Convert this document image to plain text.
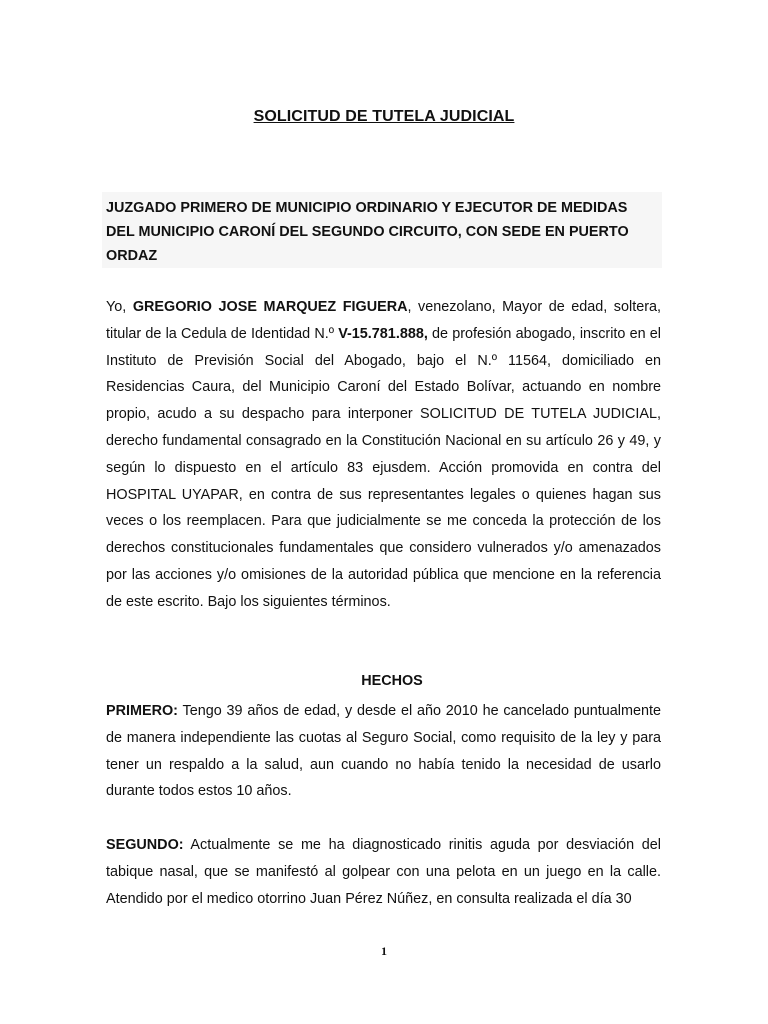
SOLICITUD DE TUTELA JUDICIAL
JUZGADO PRIMERO DE MUNICIPIO ORDINARIO Y EJECUTOR DE MEDIDAS DEL MUNICIPIO CARONÍ DEL SEGUNDO CIRCUITO, CON SEDE EN PUERTO ORDAZ
Yo, GREGORIO JOSE MARQUEZ FIGUERA, venezolano, Mayor de edad, soltera, titular de la Cedula de Identidad N.º V-15.781.888, de profesión abogado, inscrito en el Instituto de Previsión Social del Abogado, bajo el N.º 11564, domiciliado en Residencias Caura, del Municipio Caroní del Estado Bolívar, actuando en nombre propio, acudo a su despacho para interponer SOLICITUD DE TUTELA JUDICIAL, derecho fundamental consagrado en la Constitución Nacional en su artículo 26 y 49, y según lo dispuesto en el artículo 83 ejusdem. Acción promovida en contra del HOSPITAL UYAPAR, en contra de sus representantes legales o quienes hagan sus veces o los reemplacen. Para que judicialmente se me conceda la protección de los derechos constitucionales fundamentales que considero vulnerados y/o amenazados por las acciones y/o omisiones de la autoridad pública que mencione en la referencia de este escrito. Bajo los siguientes términos.
HECHOS
PRIMERO: Tengo 39 años de edad, y desde el año 2010 he cancelado puntualmente de manera independiente las cuotas al Seguro Social, como requisito de la ley y para tener un respaldo a la salud, aun cuando no había tenido la necesidad de usarlo durante todos estos 10 años.
SEGUNDO: Actualmente se me ha diagnosticado rinitis aguda por desviación del tabique nasal, que se manifestó al golpear con una pelota en un juego en la calle. Atendido por el medico otorrino Juan Pérez Núñez, en consulta realizada el día 30
1
